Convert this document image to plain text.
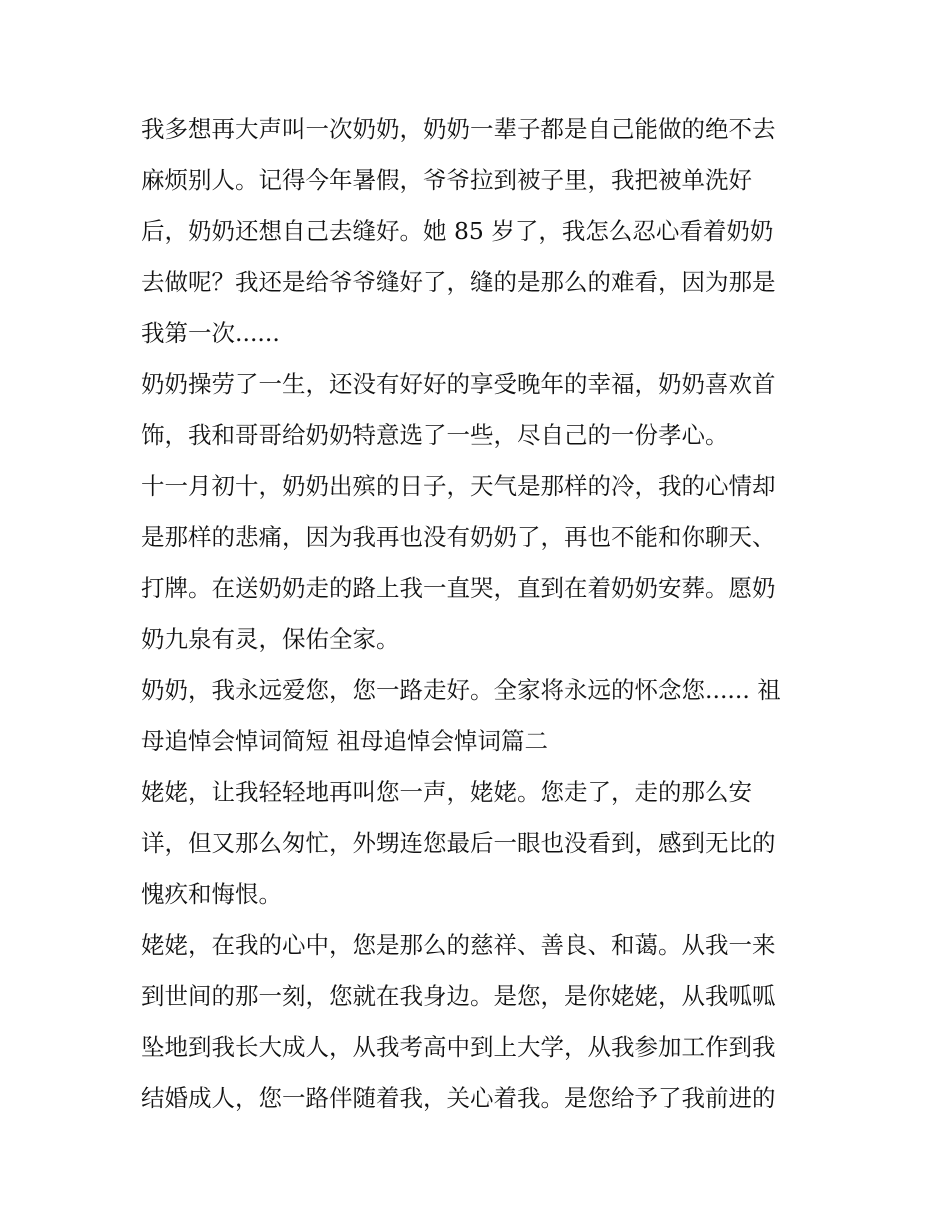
我多想再大声叫一次奶奶，奶奶一辈子都是自己能做的绝不去
麻烦别人。记得今年暑假，爷爷拉到被子里，我把被单洗好
后，奶奶还想自己去缝好。她 85 岁了，我怎么忍心看着奶奶
去做呢？我还是给爷爷缝好了，缝的是那么的难看，因为那是
我第一次......
奶奶操劳了一生，还没有好好的享受晚年的幸福，奶奶喜欢首
饰，我和哥哥给奶奶特意选了一些，尽自己的一份孝心。
十一月初十，奶奶出殡的日子，天气是那样的冷，我的心情却
是那样的悲痛，因为我再也没有奶奶了，再也不能和你聊天、
打牌。在送奶奶走的路上我一直哭，直到在着奶奶安葬。愿奶
奶九泉有灵，保佑全家。
奶奶，我永远爱您，您一路走好。全家将永远的怀念您...... 祖
母追悼会悼词简短 祖母追悼会悼词篇二
姥姥，让我轻轻地再叫您一声，姥姥。您走了，走的那么安
详，但又那么匆忙，外甥连您最后一眼也没看到，感到无比的
愧疚和悔恨。
姥姥，在我的心中，您是那么的慈祥、善良、和蔼。从我一来
到世间的那一刻，您就在我身边。是您，是你姥姥，从我呱呱
坠地到我长大成人，从我考高中到上大学，从我参加工作到我
结婚成人，您一路伴随着我，关心着我。是您给予了我前进的
